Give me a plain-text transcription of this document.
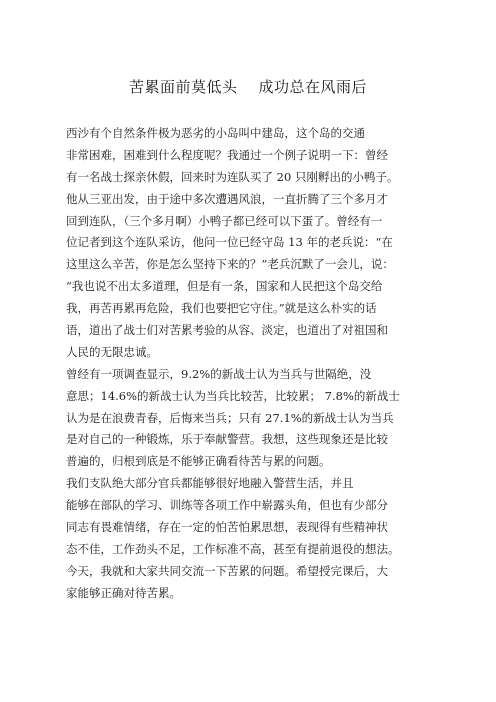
苦累面前莫低头    成功总在风雨后
西沙有个自然条件极为恶劣的小岛叫中建岛，这个岛的交通
非常困难，困难到什么程度呢？我通过一个例子说明一下：曾经
有一名战士探亲休假，回来时为连队买了 20 只刚孵出的小鸭子。
他从三亚出发，由于途中多次遭遇风浪，一直折腾了三个多月才
回到连队，（三个多月啊）小鸭子都已经可以下蛋了。曾经有一
位记者到这个连队采访，他问一位已经守岛 13 年的老兵说：“在
这里这么辛苦，你是怎么坚持下来的？”老兵沉默了一会儿，说：
“我也说不出太多道理，但是有一条，国家和人民把这个岛交给
我，再苦再累再危险，我们也要把它守住。”就是这么朴实的话
语，道出了战士们对苦累考验的从容、淡定，也道出了对祖国和
人民的无限忠诚。
曾经有一项调查显示，9.2%的新战士认为当兵与世隔绝，没
意思；14.6%的新战士认为当兵比较苦，比较累； 7.8%的新战士
认为是在浪费青春，后悔来当兵；只有 27.1%的新战士认为当兵
是对自己的一种锻炼，乐于奉献警营。我想，这些现象还是比较
普遍的，归根到底是不能够正确看待苦与累的问题。
我们支队绝大部分官兵都能够很好地融入警营生活，并且
能够在部队的学习、训练等各项工作中崭露头角，但也有少部分
同志有畏难情绪，存在一定的怕苦怕累思想，表现得有些精神状
态不佳，工作劲头不足，工作标准不高，甚至有提前退役的想法。
今天，我就和大家共同交流一下苦累的问题。希望授完课后，大
家能够正确对待苦累。
